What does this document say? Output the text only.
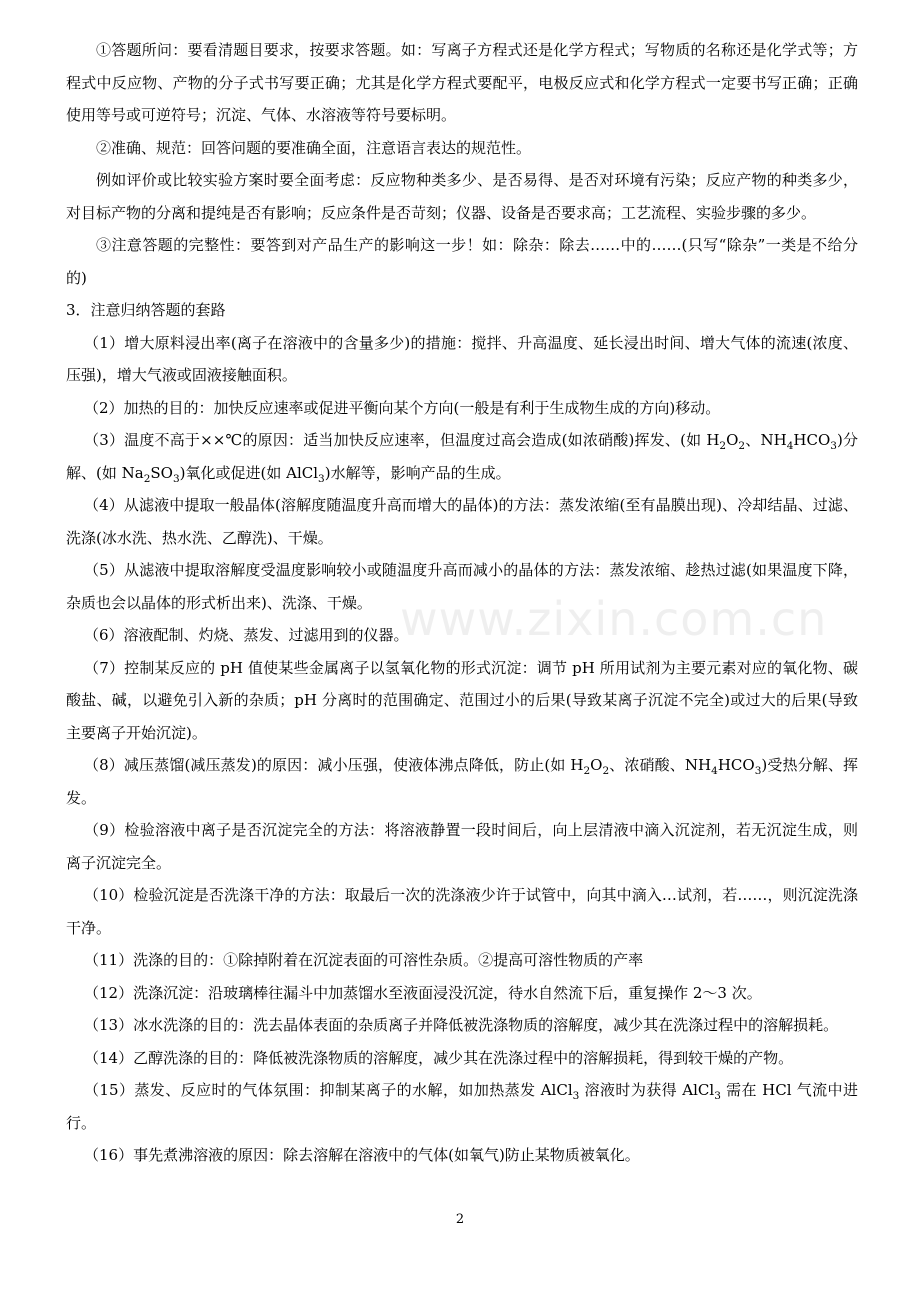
www.zixin.com.cn

①答题所问：要看清题目要求，按要求答题。如：写离子方程式还是化学方程式；写物质的名称还是化学式等；方程式中反应物、产物的分子式书写要正确；尤其是化学方程式要配平，电极反应式和化学方程式一定要书写正确；正确使用等号或可逆符号；沉淀、气体、水溶液等符号要标明。

②准确、规范：回答问题的要准确全面，注意语言表达的规范性。

例如评价或比较实验方案时要全面考虑：反应物种类多少、是否易得、是否对环境有污染；反应产物的种类多少，对目标产物的分离和提纯是否有影响；反应条件是否苛刻；仪器、设备是否要求高；工艺流程、实验步骤的多少。

③注意答题的完整性：要答到对产品生产的影响这一步！如：除杂：除去……中的……(只写“除杂”一类是不给分的)

3．注意归纳答题的套路

（1）增大原料浸出率(离子在溶液中的含量多少)的措施：搅拌、升高温度、延长浸出时间、增大气体的流速(浓度、压强)，增大气液或固液接触面积。

（2）加热的目的：加快反应速率或促进平衡向某个方向(一般是有利于生成物生成的方向)移动。

（3）温度不高于××℃的原因：适当加快反应速率，但温度过高会造成(如浓硝酸)挥发、(如 $H_2O_2$、$NH_4HCO_3$)分解、(如 $Na_2SO_3$)氧化或促进(如 AlCl$_3$)水解等，影响产品的生成。

（4）从滤液中提取一般晶体(溶解度随温度升高而增大的晶体)的方法：蒸发浓缩(至有晶膜出现)、冷却结晶、过滤、洗涤(冰水洗、热水洗、乙醇洗)、干燥。

（5）从滤液中提取溶解度受温度影响较小或随温度升高而减小的晶体的方法：蒸发浓缩、趁热过滤(如果温度下降，杂质也会以晶体的形式析出来)、洗涤、干燥。

（6）溶液配制、灼烧、蒸发、过滤用到的仪器。

（7）控制某反应的 pH 值使某些金属离子以氢氧化物的形式沉淀：调节 pH 所用试剂为主要元素对应的氧化物、碳酸盐、碱，以避免引入新的杂质；pH 分离时的范围确定、范围过小的后果(导致某离子沉淀不完全)或过大的后果(导致主要离子开始沉淀)。

（8）减压蒸馏(减压蒸发)的原因：减小压强，使液体沸点降低，防止(如 $H_2O_2$、浓硝酸、$NH_4HCO_3$)受热分解、挥发。

（9）检验溶液中离子是否沉淀完全的方法：将溶液静置一段时间后，向上层清液中滴入沉淀剂，若无沉淀生成，则离子沉淀完全。

（10）检验沉淀是否洗涤干净的方法：取最后一次的洗涤液少许于试管中，向其中滴入…试剂，若……，则沉淀洗涤干净。

（11）洗涤的目的：①除掉附着在沉淀表面的可溶性杂质。②提高可溶性物质的产率

（12）洗涤沉淀：沿玻璃棒往漏斗中加蒸馏水至液面浸没沉淀，待水自然流下后，重复操作 2～3 次。

（13）冰水洗涤的目的：洗去晶体表面的杂质离子并降低被洗涤物质的溶解度，减少其在洗涤过程中的溶解损耗。

（14）乙醇洗涤的目的：降低被洗涤物质的溶解度，减少其在洗涤过程中的溶解损耗，得到较干燥的产物。

（15）蒸发、反应时的气体氛围：抑制某离子的水解，如加热蒸发 AlCl$_3$ 溶液时为获得 AlCl$_3$ 需在 HCl 气流中进行。

（16）事先煮沸溶液的原因：除去溶解在溶液中的气体(如氧气)防止某物质被氧化。

2
